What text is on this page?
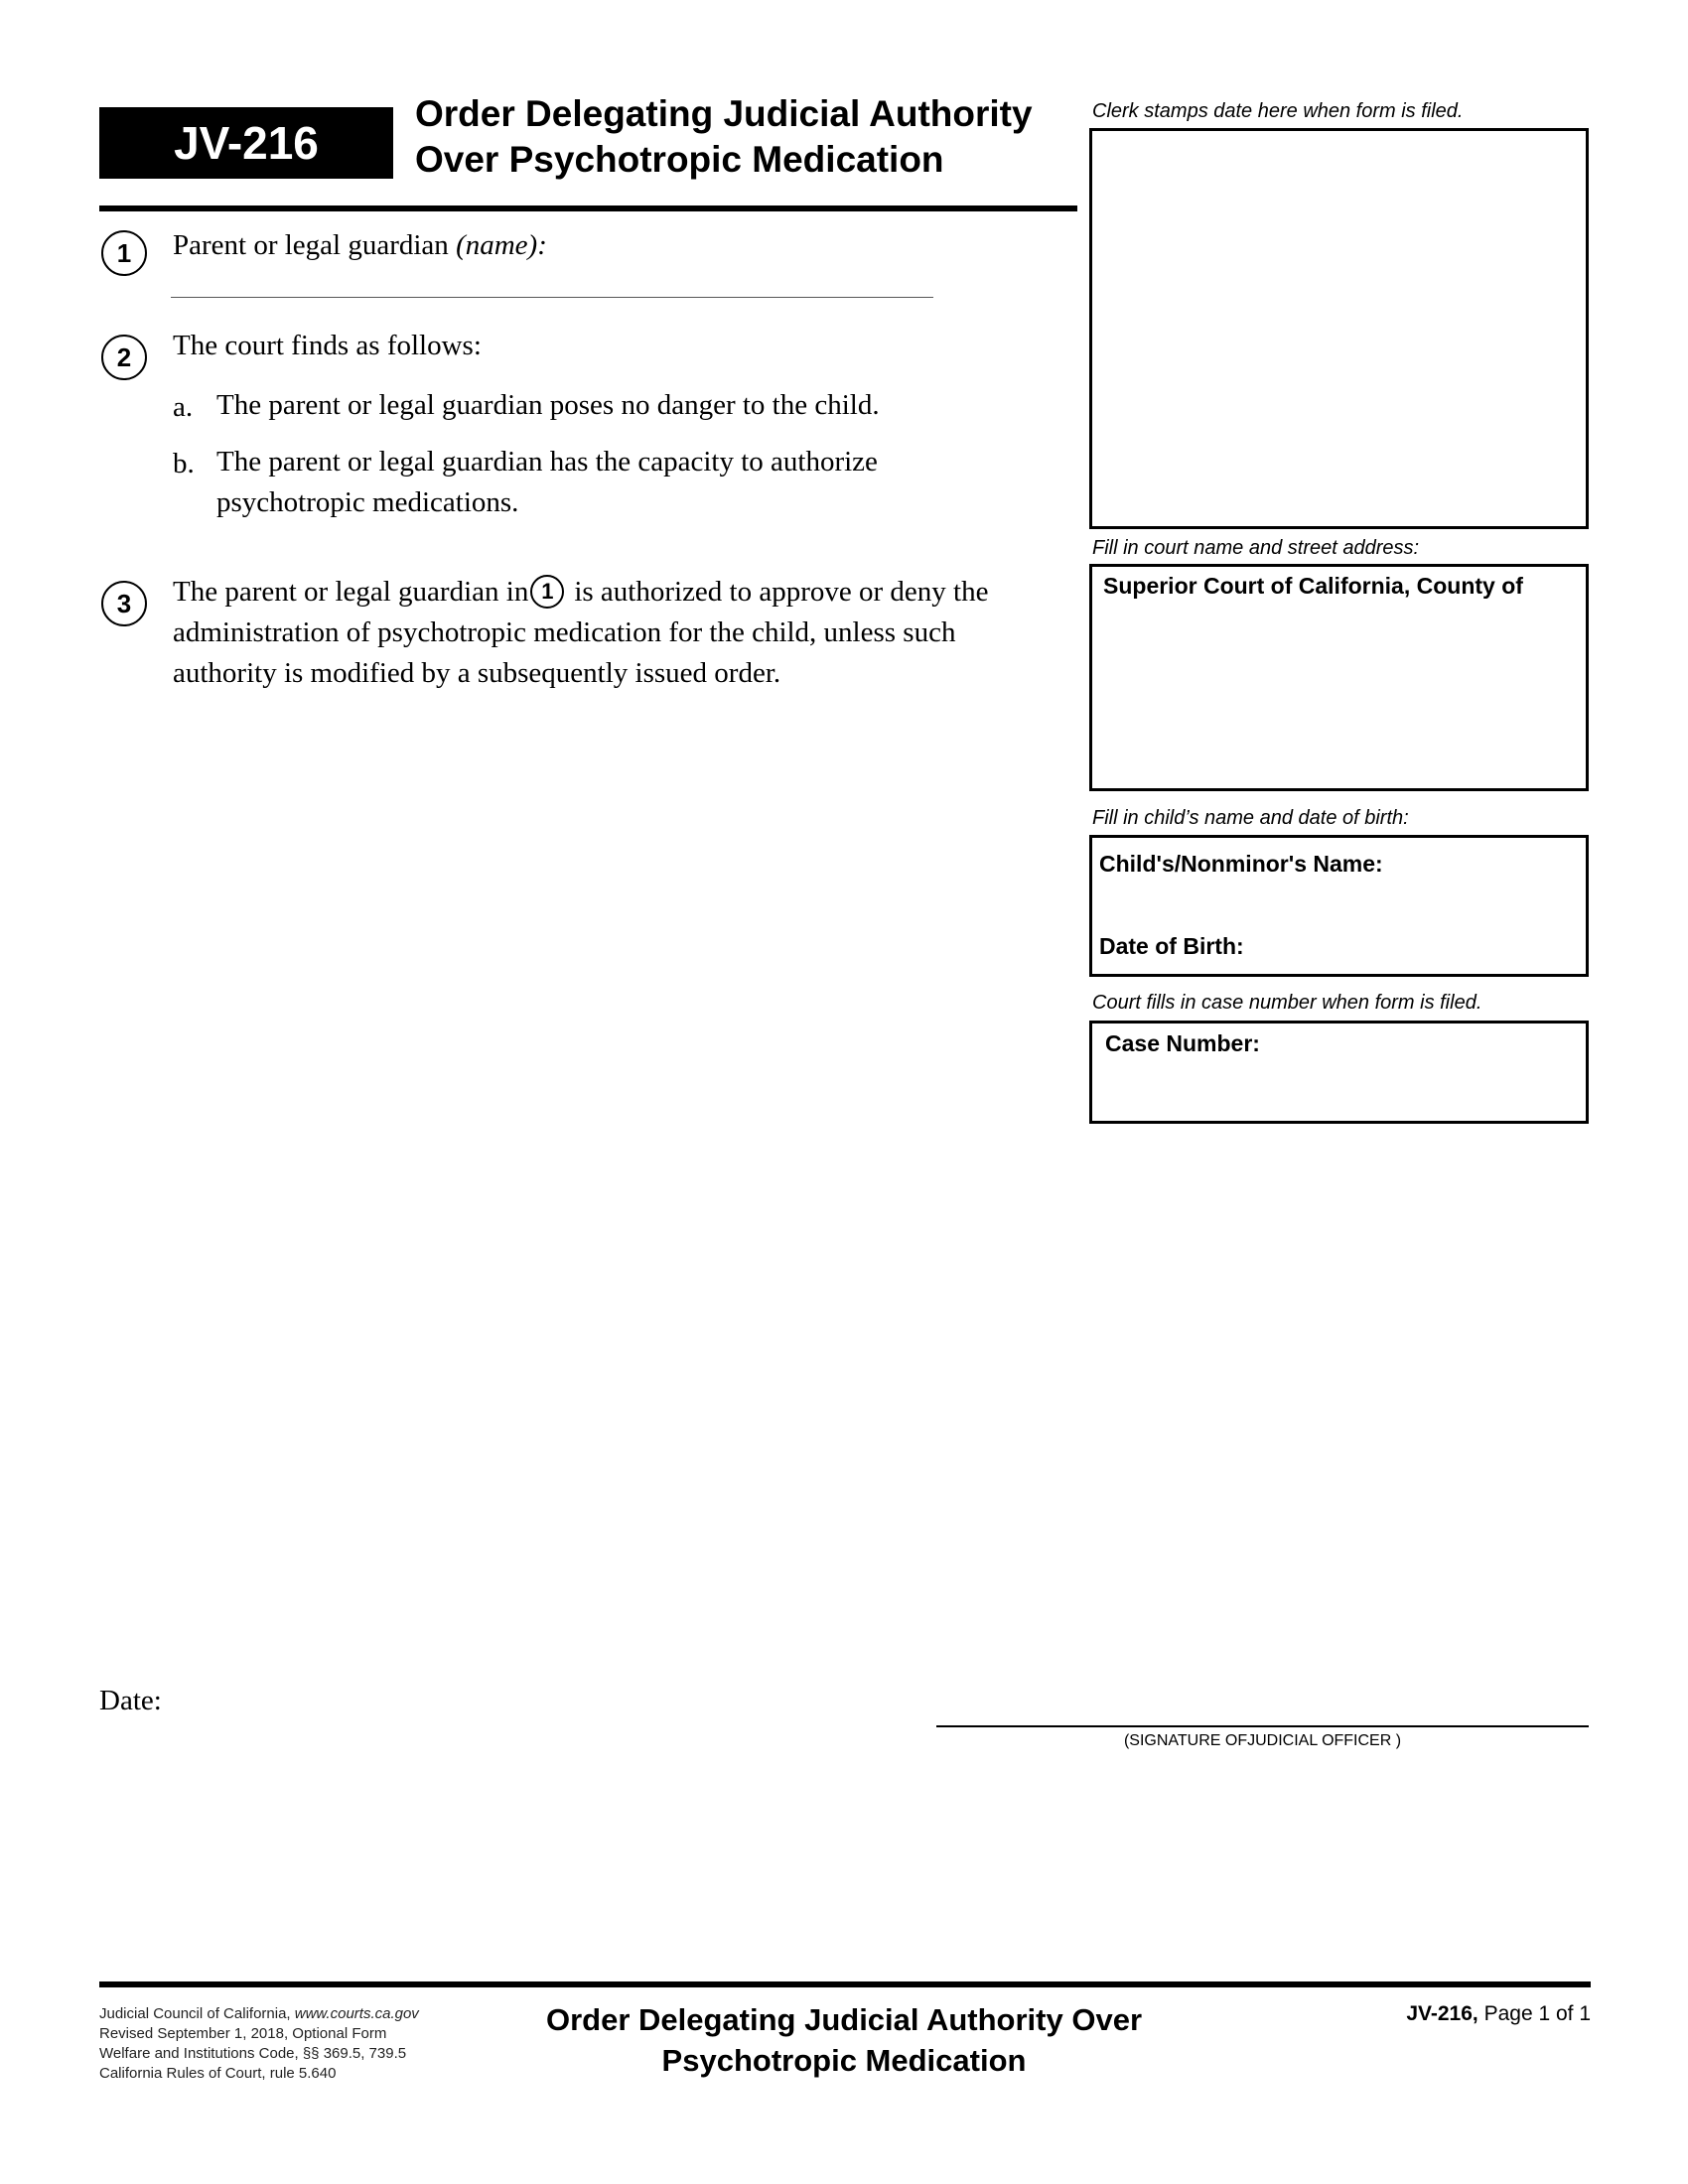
JV-216
Order Delegating Judicial Authority
Over Psychotropic Medication
Clerk stamps date here when form is filed.
Fill in court name and street address:
Superior Court of California, County of
Fill in child’s name and date of birth:
Child's/Nonminor's Name:
Date of Birth:
Court fills in case number when form is filed.
Case Number:
1	Parent or legal guardian (name):
2	The court finds as follows:
a. The parent or legal guardian poses no danger to the child.
b. The parent or legal guardian has the capacity to authorize
psychotropic medications.
3	The parent or legal guardian in 1 is authorized to approve or deny the
administration of psychotropic medication for the child, unless such
authority is modified by a subsequently issued order.
Date:
(SIGNATURE OFJUDICIAL OFFICER )
Judicial Council of California, www.courts.ca.gov
Revised September 1, 2018, Optional Form
Welfare and Institutions Code, §§ 369.5, 739.5
California Rules of Court, rule 5.640
Order Delegating Judicial Authority Over
Psychotropic Medication
JV-216, Page 1 of 1
